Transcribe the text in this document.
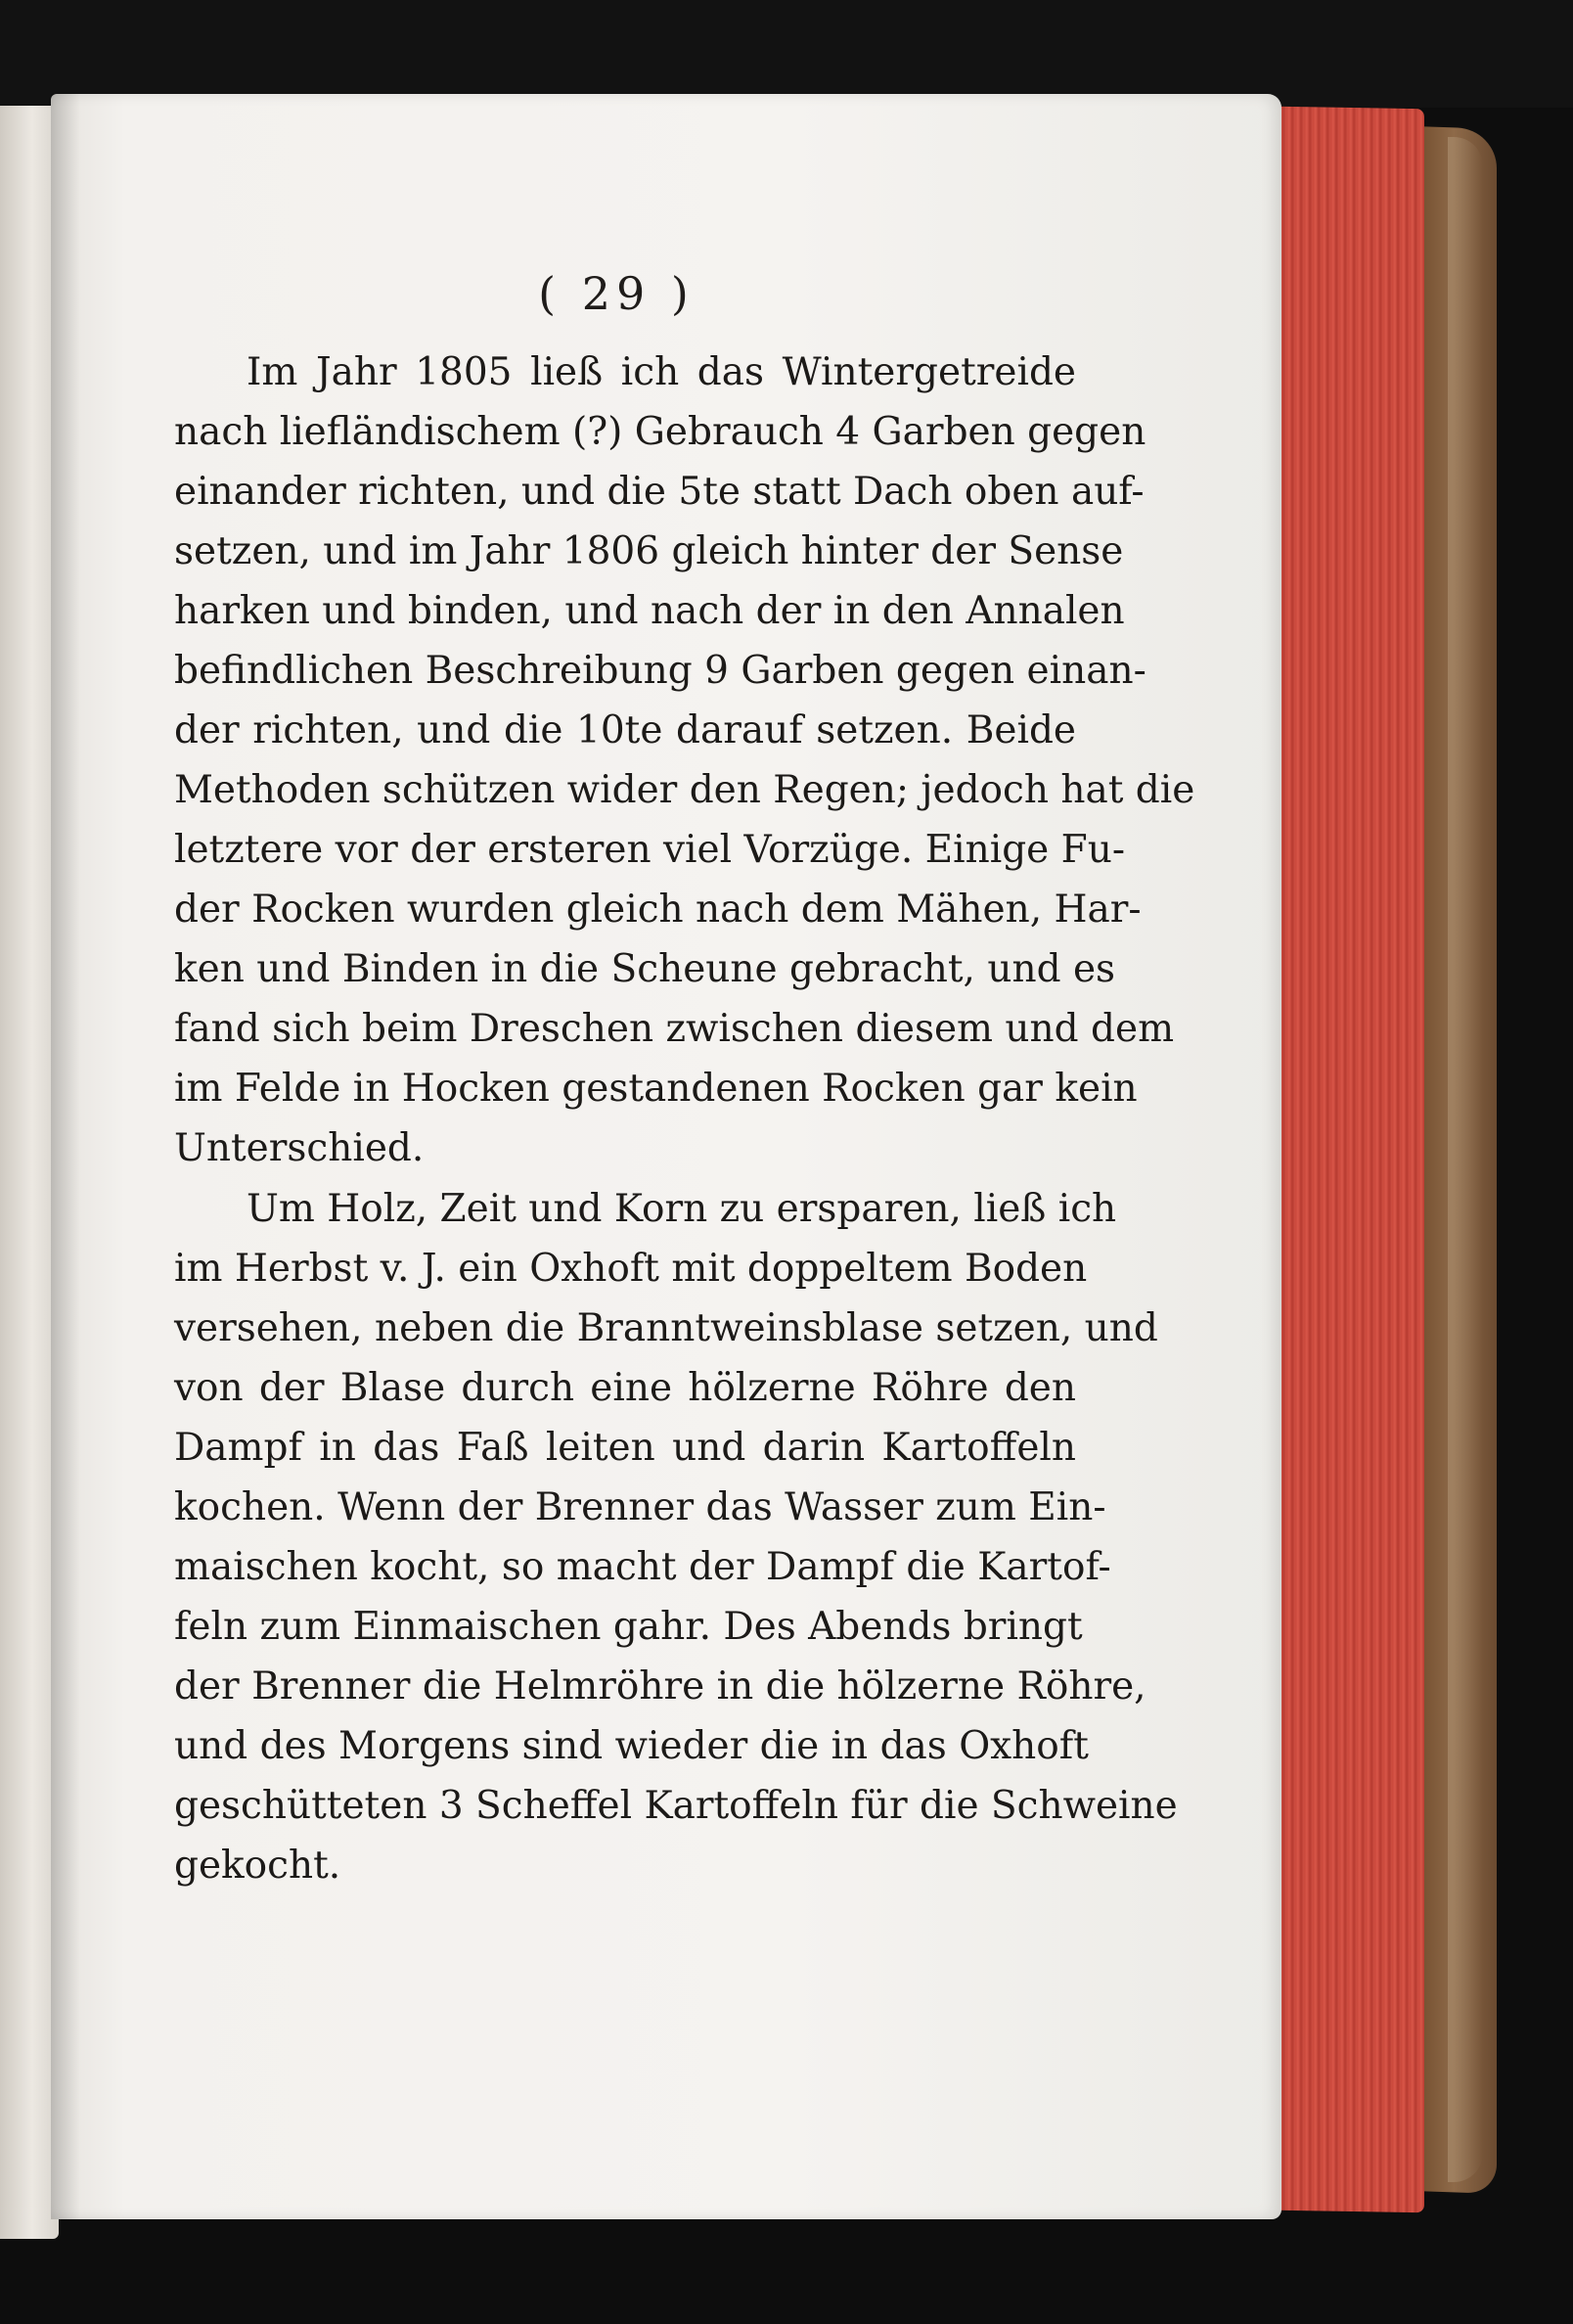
( 29 )
Im Jahr 1805 ließ ich das Wintergetreide
nach liefländischem (?) Gebrauch 4 Garben gegen
einander richten, und die 5te statt Dach oben auf-
setzen, und im Jahr 1806 gleich hinter der Sense
harken und binden, und nach der in den Annalen
befindlichen Beschreibung 9 Garben gegen einan-
der richten, und die 10te darauf setzen. Beide
Methoden schützen wider den Regen; jedoch hat die
letztere vor der ersteren viel Vorzüge. Einige Fu-
der Rocken wurden gleich nach dem Mähen, Har-
ken und Binden in die Scheune gebracht, und es
fand sich beim Dreschen zwischen diesem und dem
im Felde in Hocken gestandenen Rocken gar kein
Unterschied.
Um Holz, Zeit und Korn zu ersparen, ließ ich
im Herbst v. J. ein Oxhoft mit doppeltem Boden
versehen, neben die Branntweinsblase setzen, und
von der Blase durch eine hölzerne Röhre den
Dampf in das Faß leiten und darin Kartoffeln
kochen. Wenn der Brenner das Wasser zum Ein-
maischen kocht, so macht der Dampf die Kartof-
feln zum Einmaischen gahr. Des Abends bringt
der Brenner die Helmröhre in die hölzerne Röhre,
und des Morgens sind wieder die in das Oxhoft
geschütteten 3 Scheffel Kartoffeln für die Schweine
gekocht.
